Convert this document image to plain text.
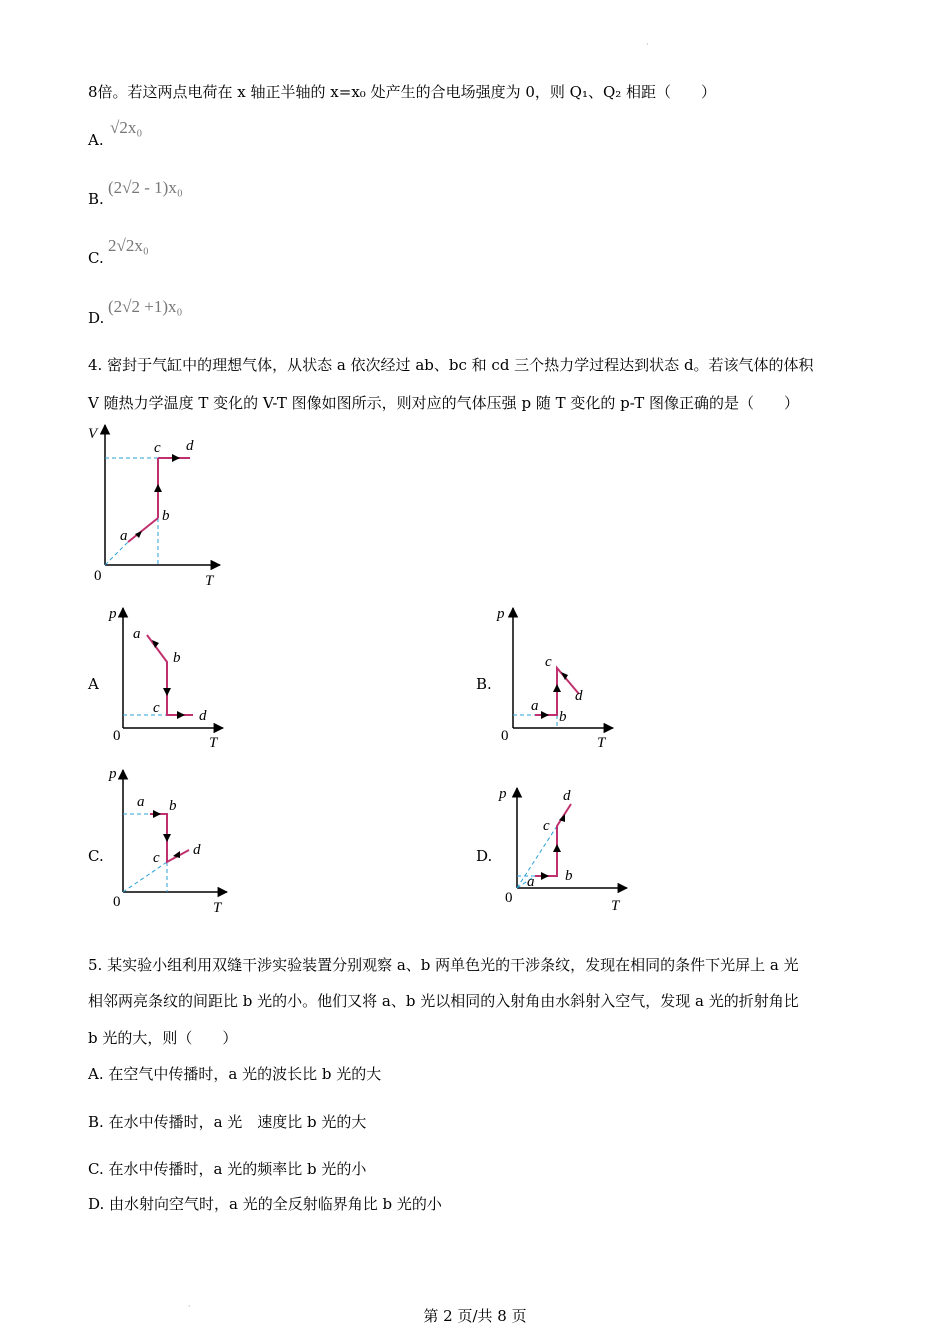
·
·
8倍。若这两点电荷在 x 轴正半轴的 x=x₀ 处产生的合电场强度为 0，则 Q₁、Q₂ 相距（　　）
A.
√2x₀
B.
(2√2 - 1)x₀
C.
2√2x₀
D.
(2√2 +1)x₀
4. 密封于气缸中的理想气体，从状态 a 依次经过 ab、bc 和 cd 三个热力学过程达到状态 d。若该气体的体积
V 随热力学温度 T 变化的 V-T 图像如图所示，则对应的气体压强 p 随 T 变化的 p-T 图像正确的是（　　）
V
T
0
a
b
c d
A
p
T
0
a
b
c	d
B.
p
T
0
a
b
c
d
C.
p
T
0
a b
c d	D.
p
T
0
a b
c
d
5. 某实验小组利用双缝干涉实验装置分别观察 a、b 两单色光的干涉条纹，发现在相同的条件下光屏上 a 光
相邻两亮条纹的间距比 b 光的小。他们又将 a、b 光以相同的入射角由水斜射入空气，发现 a 光的折射角比
b 光的大，则（　　）
A. 在空气中传播时，a 光的波长比 b 光的大
B. 在水中传播时，a 光　速度比 b 光的大
C. 在水中传播时，a 光的频率比 b 光的小
D. 由水射向空气时，a 光的全反射临界角比 b 光的小
第 2 页/共 8 页
